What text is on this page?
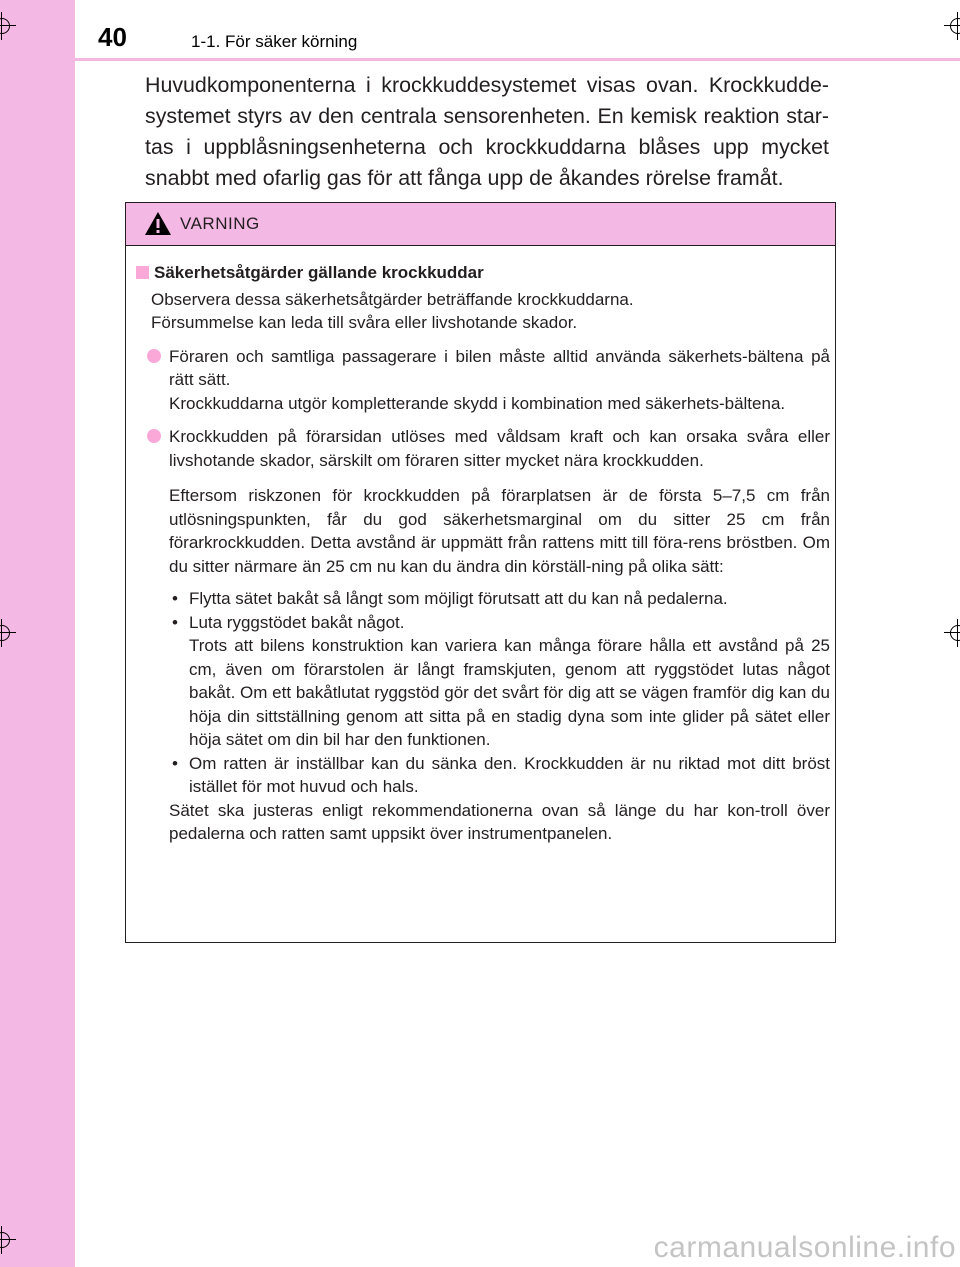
40	1-1. För säker körning
Huvudkomponenterna i krockkuddesystemet visas ovan. Krockkudde-systemet styrs av den centrala sensorenheten. En kemisk reaktion star-tas i uppblåsningsenheterna och krockkuddarna blåses upp mycket snabbt med ofarlig gas för att fånga upp de åkandes rörelse framåt.
VARNING
Säkerhetsåtgärder gällande krockkuddar
Observera dessa säkerhetsåtgärder beträffande krockkuddarna.
Försummelse kan leda till svåra eller livshotande skador.
Föraren och samtliga passagerare i bilen måste alltid använda säkerhets-bältena på rätt sätt.
Krockkuddarna utgör kompletterande skydd i kombination med säkerhets-bältena.
Krockkudden på förarsidan utlöses med våldsam kraft och kan orsaka svåra eller livshotande skador, särskilt om föraren sitter mycket nära krockkudden.
Eftersom riskzonen för krockkudden på förarplatsen är de första 5–7,5 cm från utlösningspunkten, får du god säkerhetsmarginal om du sitter 25 cm från förarkrockkudden. Detta avstånd är uppmätt från rattens mitt till föra-rens bröstben. Om du sitter närmare än 25 cm nu kan du ändra din körställ-ning på olika sätt:
• Flytta sätet bakåt så långt som möjligt förutsatt att du kan nå pedalerna.
• Luta ryggstödet bakåt något.
Trots att bilens konstruktion kan variera kan många förare hålla ett avstånd på 25 cm, även om förarstolen är långt framskjuten, genom att ryggstödet lutas något bakåt. Om ett bakåtlutat ryggstöd gör det svårt för dig att se vägen framför dig kan du höja din sittställning genom att sitta på en stadig dyna som inte glider på sätet eller höja sätet om din bil har den funktionen.
• Om ratten är inställbar kan du sänka den. Krockkudden är nu riktad mot ditt bröst istället för mot huvud och hals.
Sätet ska justeras enligt rekommendationerna ovan så länge du har kon-troll över pedalerna och ratten samt uppsikt över instrumentpanelen.
carmanualsonline.info
